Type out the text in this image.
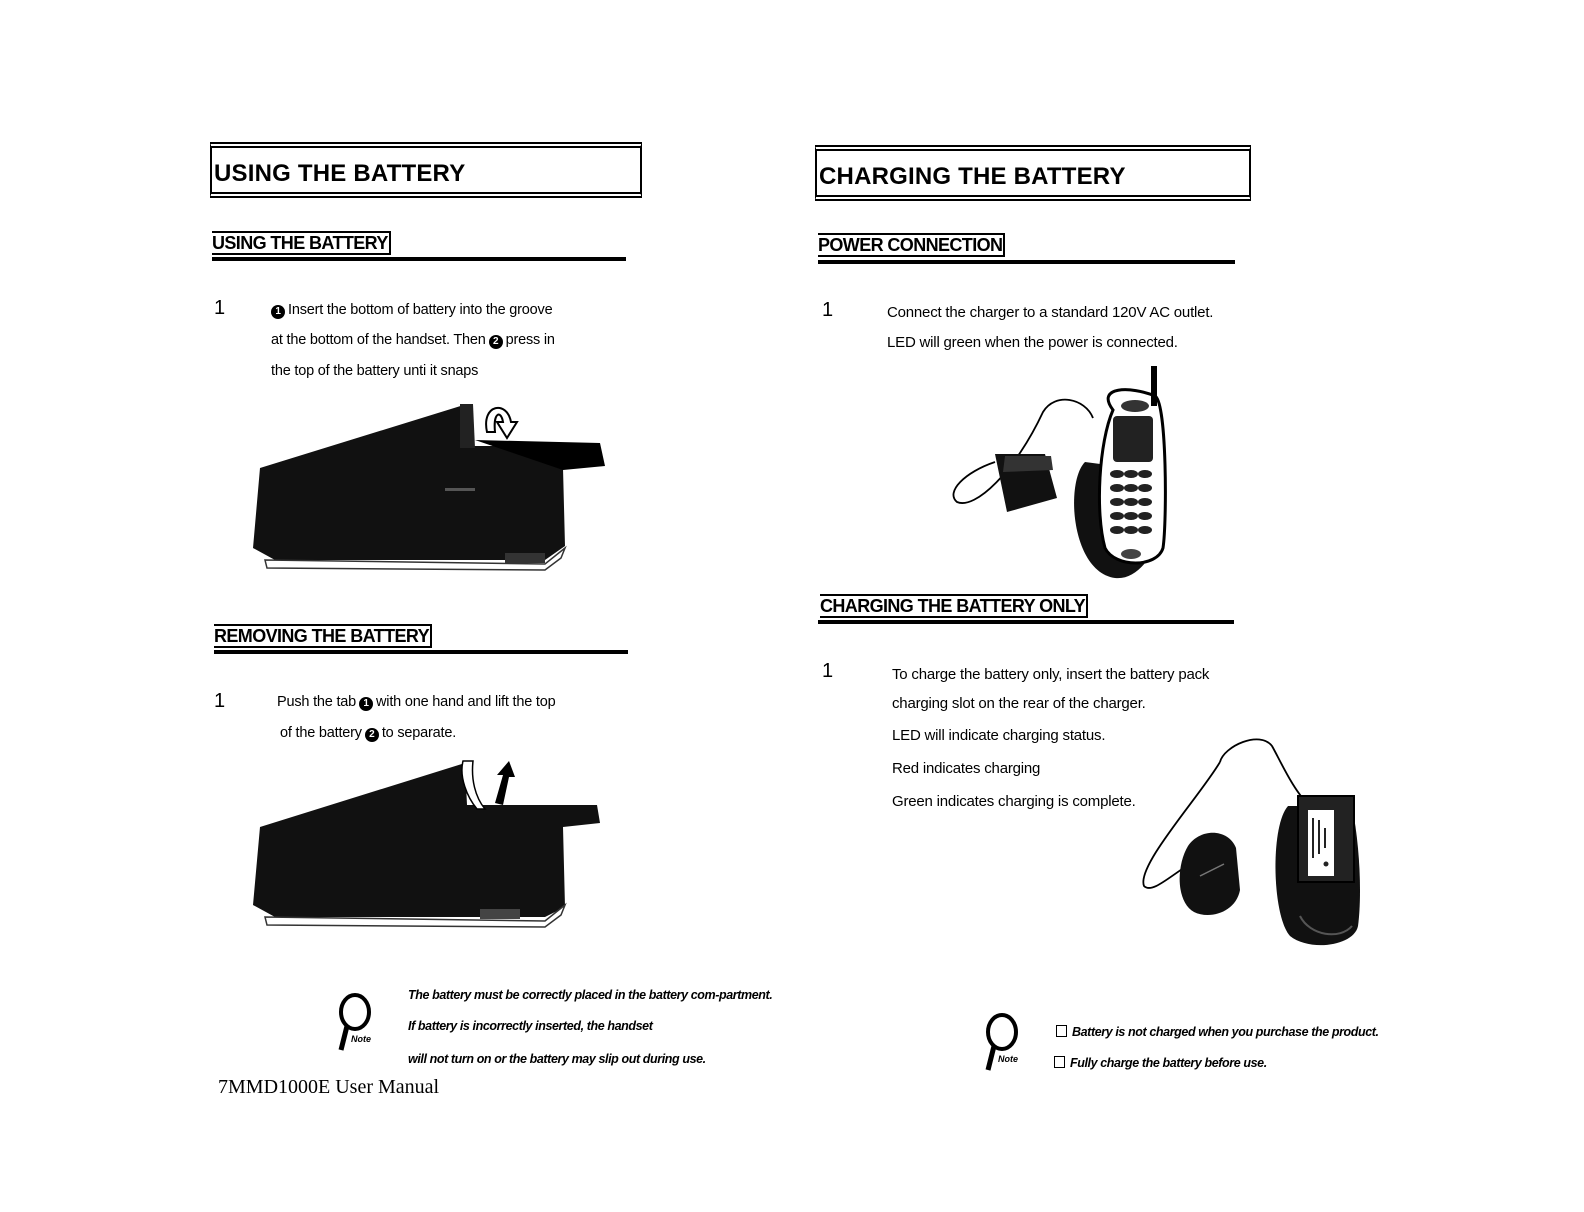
USING THE BATTERY
USING THE BATTERY
1	1 Insert the bottom of battery into the groove
at the bottom of the handset. Then 2 press in
the top of the battery unti it snaps
REMOVING THE BATTERY
1	Push the tab 1 with one hand and lift the top
of the battery 2 to separate.
Note
The battery must be correctly placed in the battery com-partment.
If battery is incorrectly inserted, the handset
will not turn on or the battery may slip out during use.
7MMD1000E User Manual
CHARGING THE BATTERY
POWER CONNECTION
1	Connect the charger to a standard 120V AC outlet.
LED will green when the power is connected.
CHARGING THE BATTERY ONLY
1	To charge the battery only, insert the battery pack
charging slot on the rear of the charger.
LED will indicate charging status.
Red indicates charging
Green indicates charging is complete.
Note
Battery is not charged when you purchase the product.
Fully charge the battery before use.
